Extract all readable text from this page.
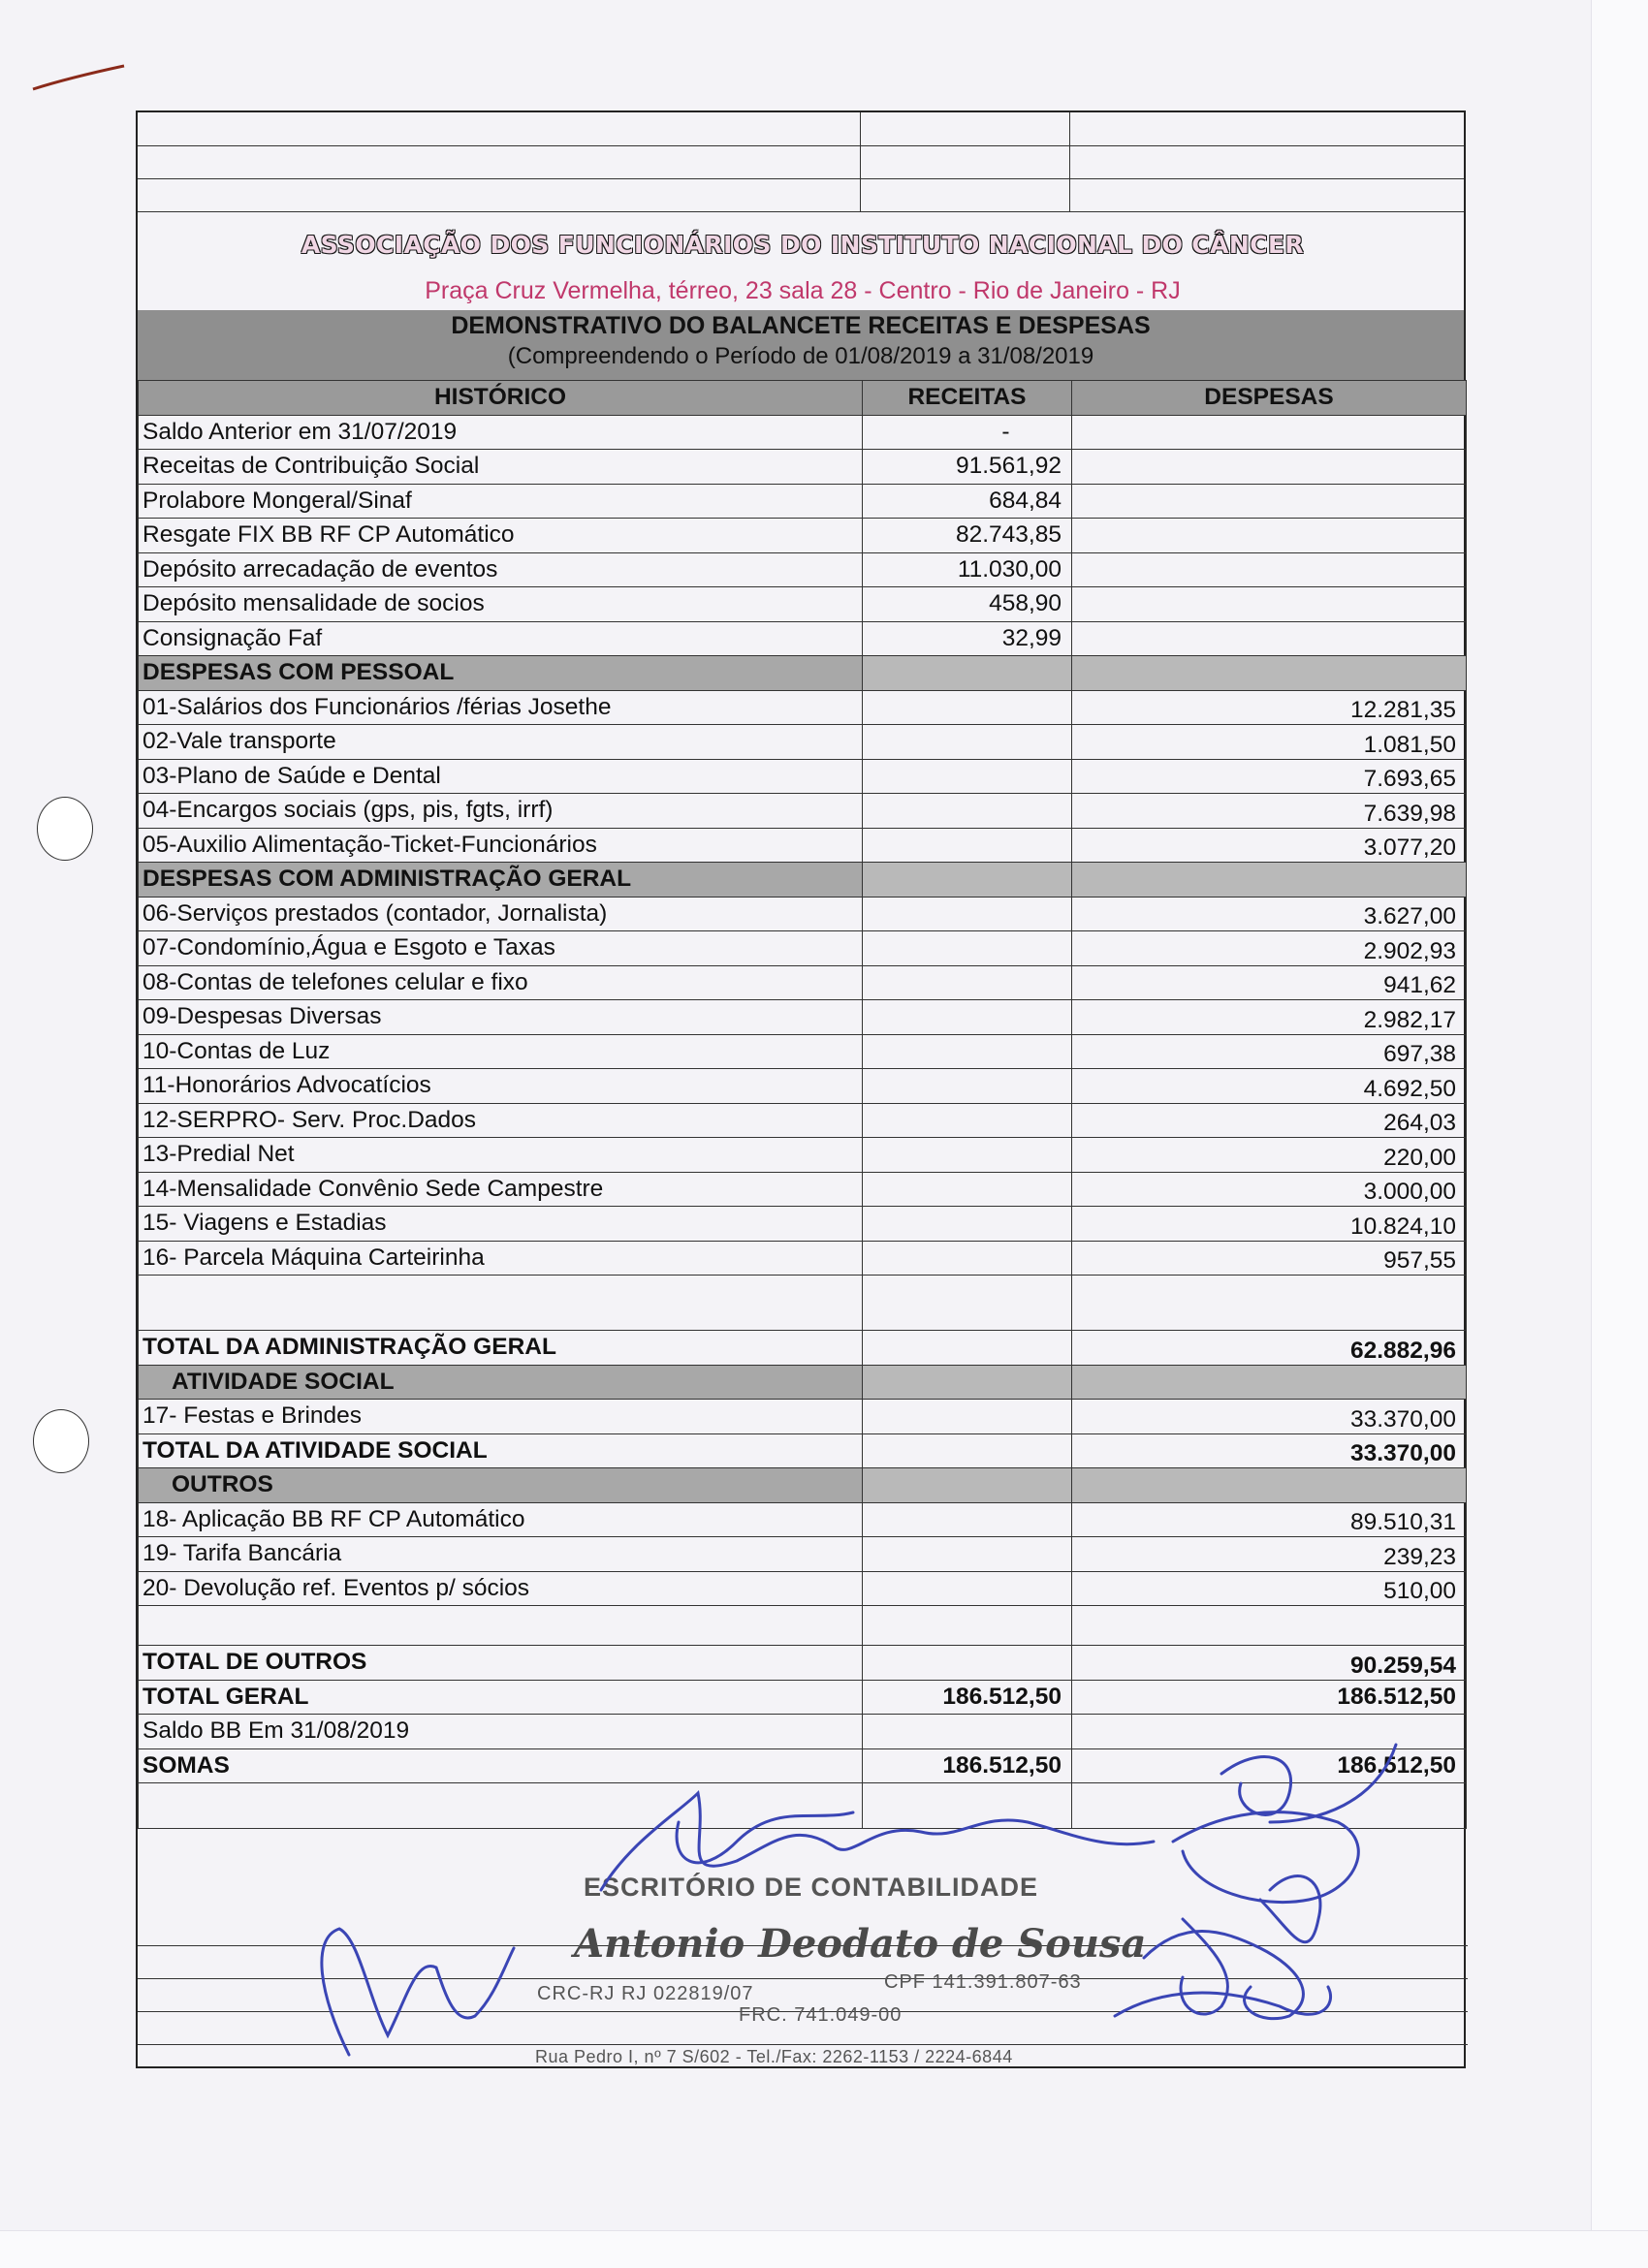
ASSOCIAÇÃO DOS FUNCIONÁRIOS DO INSTITUTO NACIONAL DO CÂNCER
Praça Cruz Vermelha, térreo, 23 sala 28 - Centro - Rio de Janeiro - RJ
DEMONSTRATIVO DO BALANCETE RECEITAS E DESPESAS
(Compreendendo o Período de 01/08/2019 a 31/08/2019
HISTÓRICO	RECEITAS	DESPESAS
Saldo Anterior em 31/07/2019	-	
Receitas de Contribuição Social	91.561,92	
Prolabore Mongeral/Sinaf	684,84	
Resgate FIX BB RF CP Automático	82.743,85	
Depósito arrecadação de eventos	11.030,00	
Depósito mensalidade de socios	458,90	
Consignação Faf	32,99	
DESPESAS COM PESSOAL		
01-Salários dos Funcionários /férias Josethe		12.281,35
02-Vale transporte		1.081,50
03-Plano de Saúde e Dental		7.693,65
04-Encargos sociais (gps, pis, fgts, irrf)		7.639,98
05-Auxilio Alimentação-Ticket-Funcionários		3.077,20
DESPESAS COM ADMINISTRAÇÃO GERAL		
06-Serviços prestados (contador, Jornalista)		3.627,00
07-Condomínio,Água e Esgoto e Taxas		2.902,93
08-Contas de telefones celular e fixo		941,62
09-Despesas Diversas		2.982,17
10-Contas de Luz		697,38
11-Honorários Advocatícios		4.692,50
12-SERPRO- Serv. Proc.Dados		264,03
13-Predial Net		220,00
14-Mensalidade Convênio Sede Campestre		3.000,00
15- Viagens e Estadias		10.824,10
16- Parcela Máquina Carteirinha		957,55

TOTAL DA ADMINISTRAÇÃO GERAL		62.882,96
ATIVIDADE SOCIAL		
17- Festas e Brindes		33.370,00
TOTAL DA ATIVIDADE SOCIAL		33.370,00
OUTROS		
18- Aplicação BB RF CP Automático		89.510,31
19- Tarifa Bancária		239,23
20- Devolução ref. Eventos p/ sócios		510,00

TOTAL DE OUTROS		90.259,54
TOTAL GERAL	186.512,50	186.512,50
Saldo BB Em 31/08/2019		
SOMAS	186.512,50	186.512,50

ESCRITÓRIO DE CONTABILIDADE
Antonio Deodato de Sousa
CRC-RJ RJ 022819/07
CPF 141.391.807-63
FRC. 741.049-00
Rua Pedro I, nº 7 S/602 - Tel./Fax: 2262-1153 / 2224-6844
